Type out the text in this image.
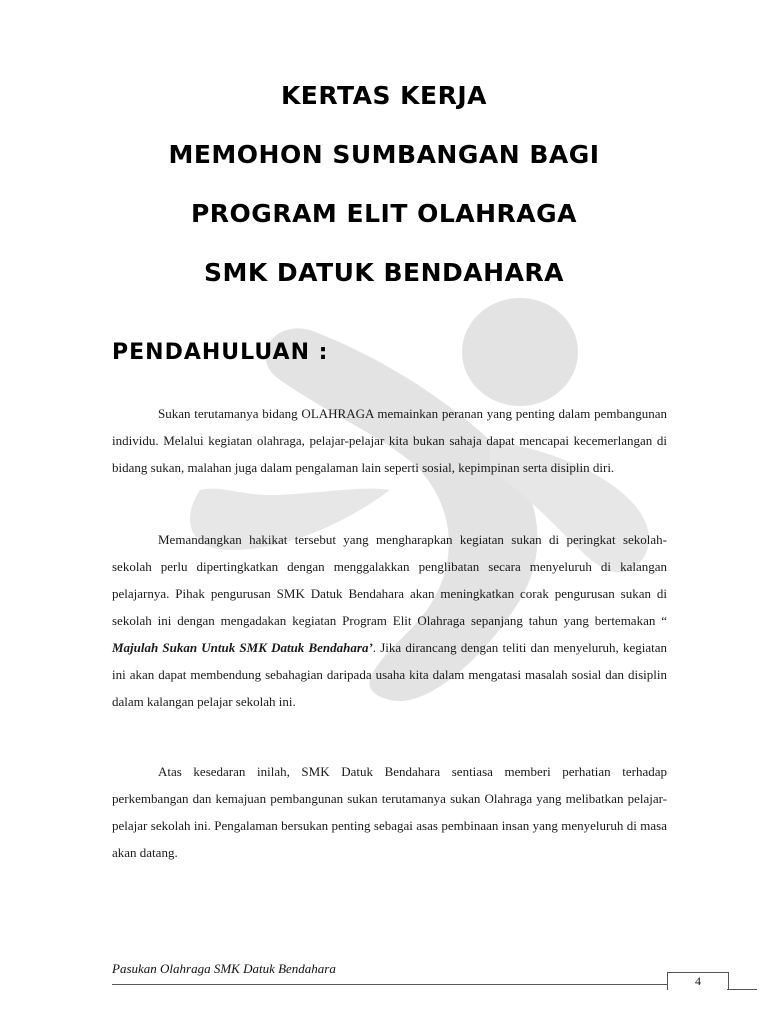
KERTAS KERJA
MEMOHON SUMBANGAN BAGI
PROGRAM ELIT OLAHRAGA
SMK DATUK BENDAHARA
PENDAHULUAN :

Sukan terutamanya bidang OLAHRAGA memainkan peranan yang penting dalam pembangunan individu. Melalui kegiatan olahraga, pelajar-pelajar kita bukan sahaja dapat mencapai kecemerlangan di bidang sukan, malahan juga dalam pengalaman lain seperti sosial, kepimpinan serta disiplin diri.

Memandangkan hakikat tersebut yang mengharapkan kegiatan sukan di peringkat sekolah-sekolah perlu dipertingkatkan dengan menggalakkan penglibatan secara menyeluruh di kalangan pelajarnya. Pihak pengurusan SMK Datuk Bendahara akan meningkatkan corak pengurusan sukan di sekolah ini dengan mengadakan kegiatan Program Elit Olahraga sepanjang tahun yang bertemakan “ Majulah Sukan Untuk SMK Datuk Bendahara’. Jika dirancang dengan teliti dan menyeluruh, kegiatan ini akan dapat membendung sebahagian daripada usaha kita dalam mengatasi masalah sosial dan disiplin dalam kalangan pelajar sekolah ini.

Atas kesedaran inilah, SMK Datuk Bendahara sentiasa memberi perhatian terhadap perkembangan dan kemajuan pembangunan sukan terutamanya sukan Olahraga yang melibatkan pelajar-pelajar sekolah ini. Pengalaman bersukan penting sebagai asas pembinaan insan yang menyeluruh di masa akan datang.

Pasukan Olahraga SMK Datuk Bendahara
4
